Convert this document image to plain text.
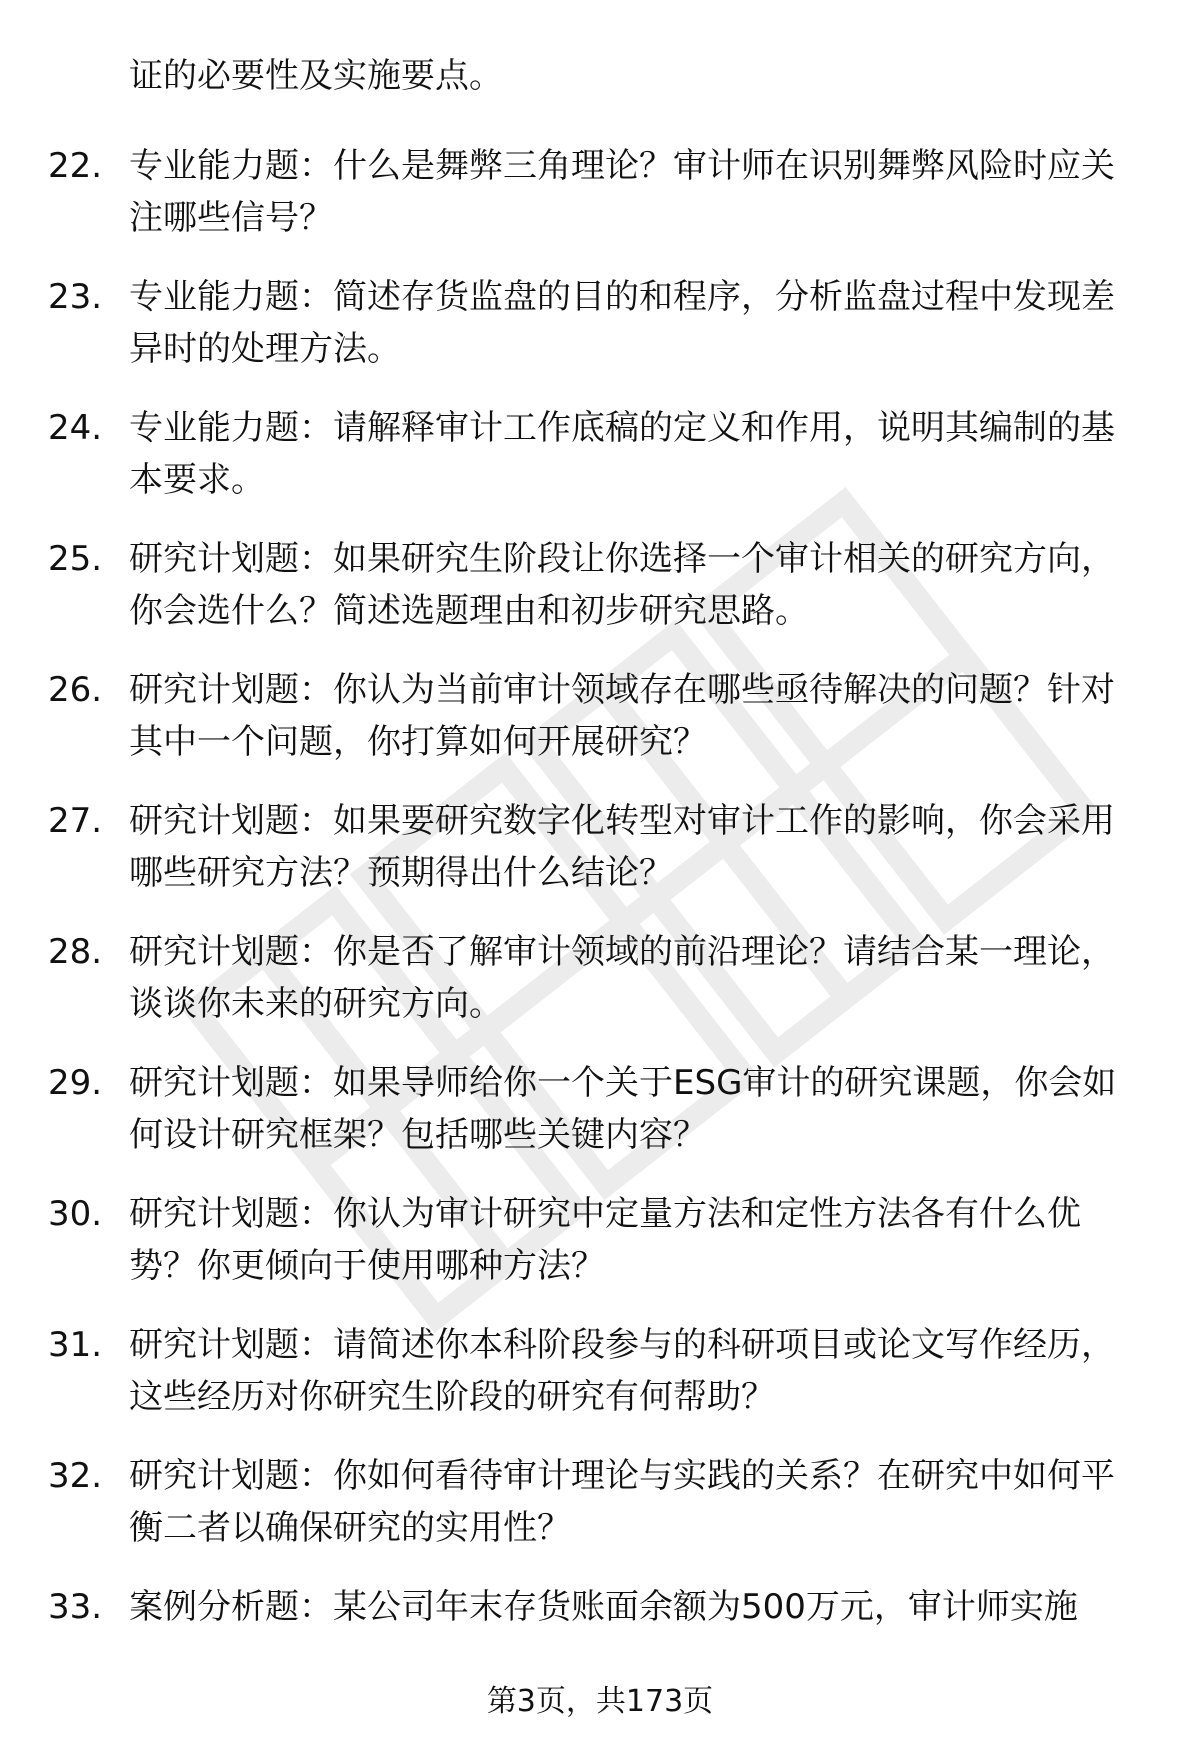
证的必要性及实施要点。

22. 专业能力题：什么是舞弊三角理论？审计师在识别舞弊风险时应关注哪些信号？

23. 专业能力题：简述存货监盘的目的和程序，分析监盘过程中发现差异时的处理方法。

24. 专业能力题：请解释审计工作底稿的定义和作用，说明其编制的基本要求。

25. 研究计划题：如果研究生阶段让你选择一个审计相关的研究方向，你会选什么？简述选题理由和初步研究思路。

26. 研究计划题：你认为当前审计领域存在哪些亟待解决的问题？针对其中一个问题，你打算如何开展研究？

27. 研究计划题：如果要研究数字化转型对审计工作的影响，你会采用哪些研究方法？预期得出什么结论？

28. 研究计划题：你是否了解审计领域的前沿理论？请结合某一理论，谈谈你未来的研究方向。

29. 研究计划题：如果导师给你一个关于ESG审计的研究课题，你会如何设计研究框架？包括哪些关键内容？

30. 研究计划题：你认为审计研究中定量方法和定性方法各有什么优势？你更倾向于使用哪种方法？

31. 研究计划题：请简述你本科阶段参与的科研项目或论文写作经历，这些经历对你研究生阶段的研究有何帮助？

32. 研究计划题：你如何看待审计理论与实践的关系？在研究中如何平衡二者以确保研究的实用性？

33. 案例分析题：某公司年末存货账面余额为500万元，审计师实施

第3页，共173页
